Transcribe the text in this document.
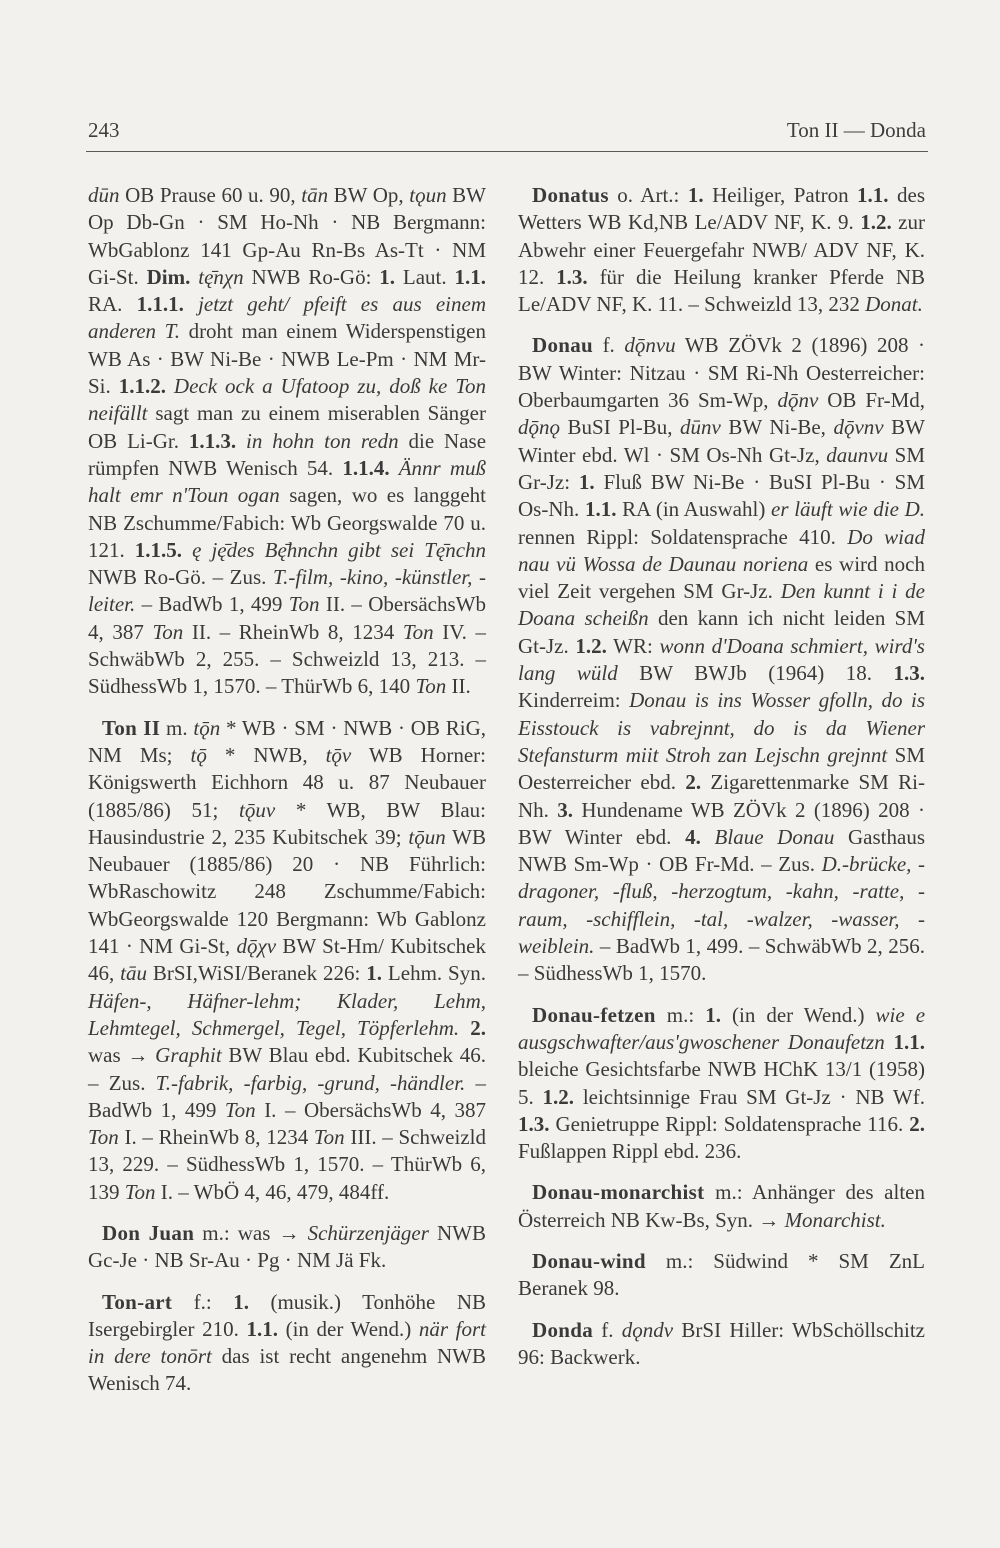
243	Ton II — Donda

dūn OB Prause 60 u. 90, tān BW Op, tǫun BW Op Db-Gn · SM Ho-Nh · NB Bergmann: WbGablonz 141 Gp-Au Rn-Bs As-Tt · NM Gi-St. Dim. tę̄nχn NWB Ro-Gö: 1. Laut. 1.1. RA. 1.1.1. jetzt geht/ pfeift es aus einem anderen T. droht man einem Widerspenstigen WB As · BW Ni-Be · NWB Le-Pm · NM Mr-Si. 1.1.2. Deck ock a Ufatoop zu, doß ke Ton neifällt sagt man zu einem miserablen Sänger OB Li-Gr. 1.1.3. in hohn ton redn die Nase rümpfen NWB Wenisch 54. 1.1.4. Ännr muß halt emr n'Toun ogan sagen, wo es langgeht NB Zschumme/Fabich: Wb Georgswalde 70 u. 121. 1.1.5. ę ję̄des Bę̄hnchn gibt sei Tę̄nchn NWB Ro-Gö. – Zus. T.-film, -kino, -künstler, -leiter. – BadWb 1, 499 Ton II. – ObersächsWb 4, 387 Ton II. – RheinWb 8, 1234 Ton IV. – SchwäbWb 2, 255. – Schweizld 13, 213. – SüdhessWb 1, 1570. – ThürWb 6, 140 Ton II.

Ton II m. tǭn * WB · SM · NWB · OB RiG, NM Ms; tǭ * NWB, tǭv WB Horner: Königswerth Eichhorn 48 u. 87 Neubauer (1885/86) 51; tǭuv * WB, BW Blau: Hausindustrie 2, 235 Kubitschek 39; tǭun WB Neubauer (1885/86) 20 · NB Führlich: WbRaschowitz 248 Zschumme/Fabich: WbGeorgswalde 120 Bergmann: Wb Gablonz 141 · NM Gi-St, dǭχv BW St-Hm/ Kubitschek 46, tāu BrSI,WiSI/Beranek 226: 1. Lehm. Syn. Häfen-, Häfner-lehm; Klader, Lehm, Lehmtegel, Schmergel, Tegel, Töpferlehm. 2. was → Graphit BW Blau ebd. Kubitschek 46. – Zus. T.-fabrik, -farbig, -grund, -händler. – BadWb 1, 499 Ton I. – ObersächsWb 4, 387 Ton I. – RheinWb 8, 1234 Ton III. – Schweizld 13, 229. – SüdhessWb 1, 1570. – ThürWb 6, 139 Ton I. – WbÖ 4, 46, 479, 484ff.

Don Juan m.: was → Schürzenjäger NWB Gc-Je · NB Sr-Au · Pg · NM Jä Fk.

Ton-art f.: 1. (musik.) Tonhöhe NB Isergebirgler 210. 1.1. (in der Wend.) när fort in dere tonōrt das ist recht angenehm NWB Wenisch 74.

Donatus o. Art.: 1. Heiliger, Patron 1.1. des Wetters WB Kd,NB Le/ADV NF, K. 9. 1.2. zur Abwehr einer Feuergefahr NWB/ ADV NF, K. 12. 1.3. für die Heilung kranker Pferde NB Le/ADV NF, K. 11. – Schweizld 13, 232 Donat.

Donau f. dǭnvu WB ZÖVk 2 (1896) 208 · BW Winter: Nitzau · SM Ri-Nh Oesterreicher: Oberbaumgarten 36 Sm-Wp, dǭnv OB Fr-Md, dǭnǫ BuSI Pl-Bu, dūnv BW Ni-Be, dǭvnv BW Winter ebd. Wl · SM Os-Nh Gt-Jz, daunvu SM Gr-Jz: 1. Fluß BW Ni-Be · BuSI Pl-Bu · SM Os-Nh. 1.1. RA (in Auswahl) er läuft wie die D. rennen Rippl: Soldatensprache 410. Do wiad nau vü Wossa de Daunau noriena es wird noch viel Zeit vergehen SM Gr-Jz. Den kunnt i i de Doana scheißn den kann ich nicht leiden SM Gt-Jz. 1.2. WR: wonn d'Doana schmiert, wird's lang wüld BW BWJb (1964) 18. 1.3. Kinderreim: Donau is ins Wosser gfolln, do is Eisstouck is vabrejnnt, do is da Wiener Stefansturm miit Stroh zan Lejschn grejnnt SM Oesterreicher ebd. 2. Zigarettenmarke SM Ri-Nh. 3. Hundename WB ZÖVk 2 (1896) 208 · BW Winter ebd. 4. Blaue Donau Gasthaus NWB Sm-Wp · OB Fr-Md. – Zus. D.-brücke, -dragoner, -fluß, -herzogtum, -kahn, -ratte, -raum, -schifflein, -tal, -walzer, -wasser, -weiblein. – BadWb 1, 499. – SchwäbWb 2, 256. – SüdhessWb 1, 1570.

Donau-fetzen m.: 1. (in der Wend.) wie e ausgschwafter/aus'gwoschener Donaufetzn 1.1. bleiche Gesichtsfarbe NWB HChK 13/1 (1958) 5. 1.2. leichtsinnige Frau SM Gt-Jz · NB Wf. 1.3. Genietruppe Rippl: Soldatensprache 116. 2. Fußlappen Rippl ebd. 236.

Donau-monarchist m.: Anhänger des alten Österreich NB Kw-Bs, Syn. → Monarchist.

Donau-wind m.: Südwind * SM ZnL Beranek 98.

Donda f. dǫndv BrSI Hiller: WbSchöllschitz 96: Backwerk.
